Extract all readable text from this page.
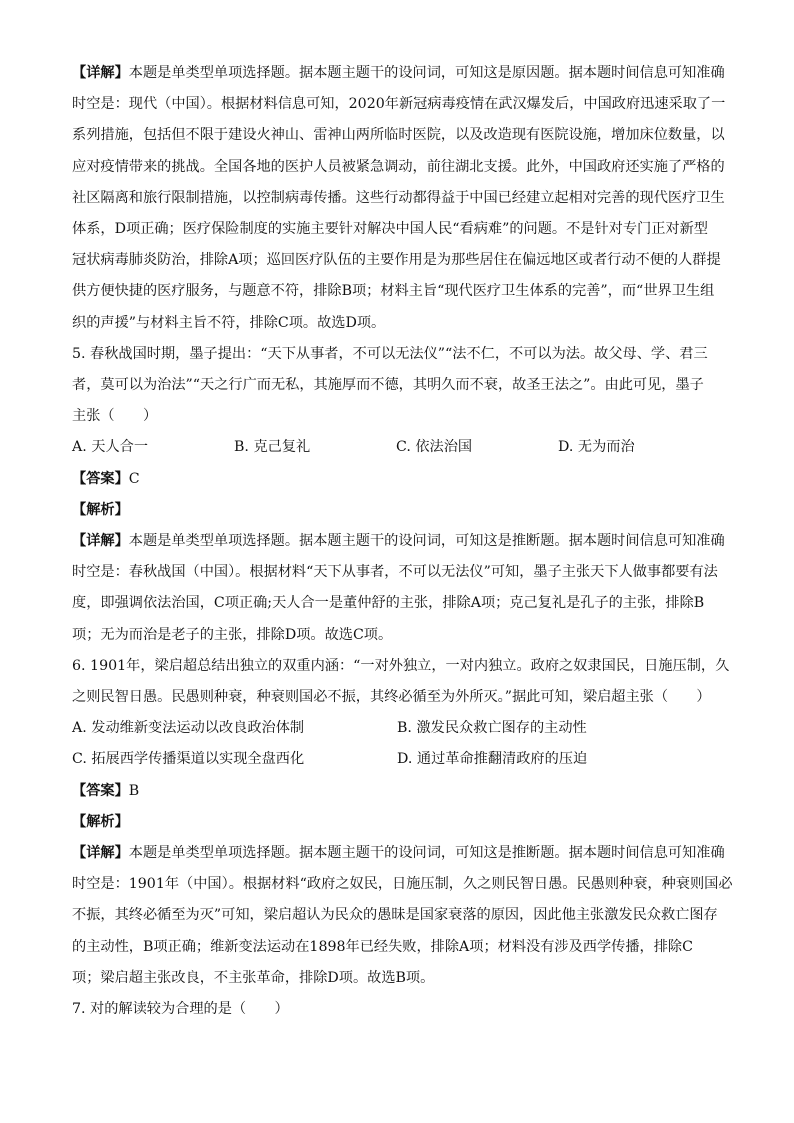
【详解】本题是单类型单项选择题。据本题主题干的设问词，可知这是原因题。据本题时间信息可知准确
时空是：现代（中国）。根据材料信息可知，2020年新冠病毒疫情在武汉爆发后，中国政府迅速采取了一
系列措施，包括但不限于建设火神山、雷神山两所临时医院，以及改造现有医院设施，增加床位数量，以
应对疫情带来的挑战。全国各地的医护人员被紧急调动，前往湖北支援。此外，中国政府还实施了严格的
社区隔离和旅行限制措施，以控制病毒传播。这些行动都得益于中国已经建立起相对完善的现代医疗卫生
体系，D项正确；医疗保险制度的实施主要针对解决中国人民“看病难”的问题。不是针对专门正对新型
冠状病毒肺炎防治，排除A项；巡回医疗队伍的主要作用是为那些居住在偏远地区或者行动不便的人群提
供方便快捷的医疗服务，与题意不符，排除B项；材料主旨“现代医疗卫生体系的完善”，而“世界卫生组
织的声援”与材料主旨不符，排除C项。故选D项。
5. 春秋战国时期，墨子提出：“天下从事者，不可以无法仪”“法不仁，不可以为法。故父母、学、君三
者，莫可以为治法”“天之行广而无私，其施厚而不德，其明久而不衰，故圣王法之”。由此可见，墨子
主张（　　）
A. 天人合一	B. 克己复礼	C. 依法治国	D. 无为而治
【答案】C
【解析】
【详解】本题是单类型单项选择题。据本题主题干的设问词，可知这是推断题。据本题时间信息可知准确
时空是：春秋战国（中国）。根据材料“天下从事者，不可以无法仪”可知，墨子主张天下人做事都要有法
度，即强调依法治国，C项正确;天人合一是董仲舒的主张，排除A项；克己复礼是孔子的主张，排除B
项；无为而治是老子的主张，排除D项。故选C项。
6. 1901年，梁启超总结出独立的双重内涵：“一对外独立，一对内独立。政府之奴隶国民，日施压制，久
之则民智日愚。民愚则种衰，种衰则国必不振，其终必循至为外所灭。”据此可知，梁启超主张（　　）
A. 发动维新变法运动以改良政治体制	B. 激发民众救亡图存的主动性
C. 拓展西学传播渠道以实现全盘西化	D. 通过革命推翻清政府的压迫
【答案】B
【解析】
【详解】本题是单类型单项选择题。据本题主题干的设问词，可知这是推断题。据本题时间信息可知准确
时空是：1901年（中国）。根据材料“政府之奴民，日施压制，久之则民智日愚。民愚则种衰，种衰则国必
不振，其终必循至为灭”可知，梁启超认为民众的愚昧是国家衰落的原因，因此他主张激发民众救亡图存
的主动性，B项正确；维新变法运动在1898年已经失败，排除A项；材料没有涉及西学传播，排除C
项；梁启超主张改良，不主张革命，排除D项。故选B项。
7. 对的解读较为合理的是（　　）
